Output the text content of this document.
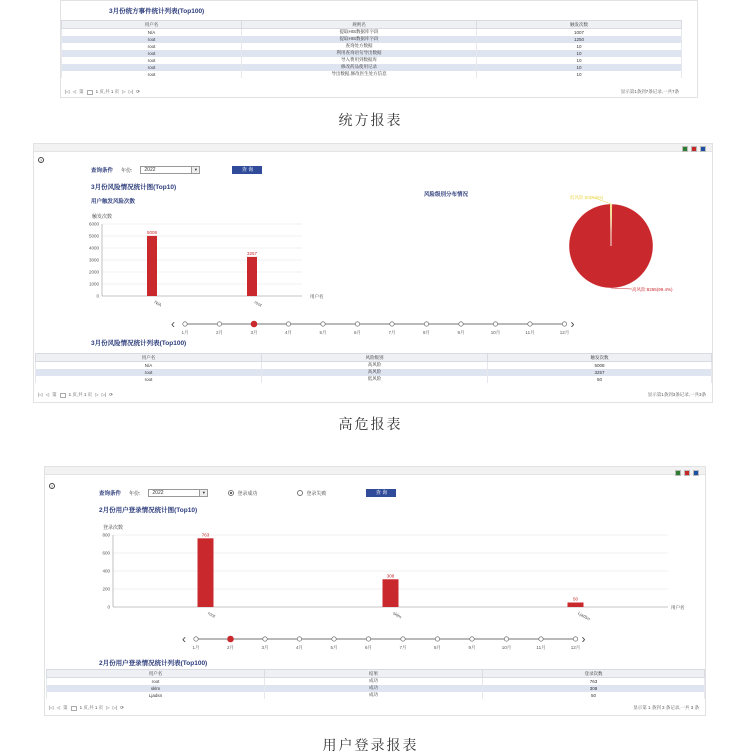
3月份统方事件统计列表(Top100)
用户名	规则名	触发次数
N/A	提取HIS数据库字段	1007
root	提取HIS数据库字段	1250
root	查询处方数据	10
root	利用查询语句导出数据	10
root	导入费用到数据库	10
root	修改药品使用记录	10
root	导出数据,修改医生处方信息	10
|◁ ◁ 第	1 页,共 1 页 ▷ ▷| ⟳	显示第1条到7条记录,一共7条
统方报表
?
查询条件 年份:	2022	▼	查 询
3月份风险情况统计图(Top10)
用户触发风险次数
风险级别分布情况
触发次数
0
1000
2000
3000
4000
5000
6000
用户名
5008
N/A
3257
root
高风险:8265(99.4%)
低风险:50(0.6%)
‹
1月	2月	3月	4月	5月	6月	7月	8月	9月	10月	11月	12月
›
3月份风险情况统计列表(Top100)
用户名	风险级别	触发次数
N/A	高风险	5008
root	高风险	3257
root	低风险	50
|◁ ◁ 第	1 页,共 1 页 ▷ ▷| ⟳	显示第1条到3条记录,一共3条
高危报表
?
查询条件 年份:	2022	▼	登录成功	登录失败	查 询
2月份用户登录情况统计图(Top10)
登录次数
0
200
400
600
800
用户名
763
root
308
sklm
50
Ljadsn
‹
1月	2月	3月	4月	5月	6月	7月	8月	9月	10月	11月	12月
›
2月份用户登录情况统计列表(Top100)
用户名	结果	登录次数
root	成功	763
sklm	成功	308
Ljadsn	成功	50
|◁ ◁ 第	1 页,共 1 页 ▷ ▷| ⟳	显示第 1 条到 3 条记录,一共 3 条
用户登录报表
